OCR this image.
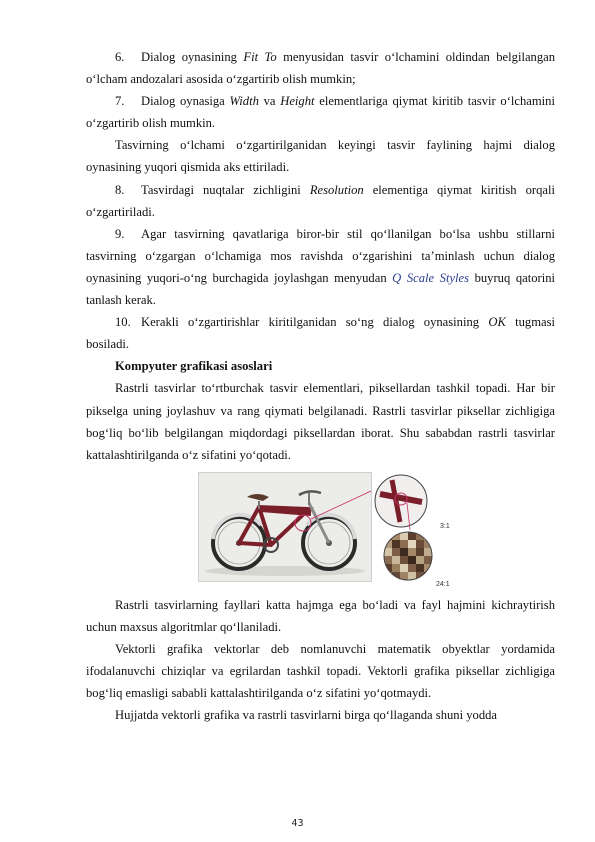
6. Dialog oynasining Fit To menyusidan tasvir o‘lchamini oldindan belgilangan o‘lcham andozalari asosida o‘zgartirib olish mumkin;

7. Dialog oynasiga Width va Height elementlariga qiymat kiritib tasvir o‘lchamini o‘zgartirib olish mumkin.

Tasvirning o‘lchami o‘zgartirilganidan keyingi tasvir faylining hajmi dialog oynasining yuqori qismida aks ettiriladi.

8. Tasvirdagi nuqtalar zichligini Resolution elementiga qiymat kiritish orqali o‘zgartiriladi.

9. Agar tasvirning qavatlariga biror-bir stil qo‘llanilgan bo‘lsa ushbu stillarni tasvirning o‘zgargan o‘lchamiga mos ravishda o‘zgarishini ta’minlash uchun dialog oynasining yuqori-o‘ng burchagida joylashgan menyudan Q Scale Styles buyruq qatorini tanlash kerak.

10. Kerakli o‘zgartirishlar kiritilganidan so‘ng dialog oynasining OK tugmasi bosiladi.

Kompyuter grafikasi asoslari

Rastrli tasvirlar to‘rtburchak tasvir elementlari, piksellardan tashkil topadi. Har bir pikselga uning joylashuv va rang qiymati belgilanadi. Rastrli tasvirlar piksellar zichligiga bog‘liq bo‘lib belgilangan miqdordagi piksellardan iborat. Shu sababdan rastrli tasvirlar kattalashtirilganda o‘z sifatini yo‘qotadi.

3:1
24:1

Rastrli tasvirlarning fayllari katta hajmga ega bo‘ladi va fayl hajmini kichraytirish uchun maxsus algoritmlar qo‘llaniladi.

Vektorli grafika vektorlar deb nomlanuvchi matematik obyektlar yordamida ifodalanuvchi chiziqlar va egrilardan tashkil topadi. Vektorli grafika piksellar zichligiga bog‘liq emasligi sababli kattalashtirilganda o‘z sifatini yo‘qotmaydi.

Hujjatda vektorli grafika va rastrli tasvirlarni birga qo‘llaganda shuni yodda

43
